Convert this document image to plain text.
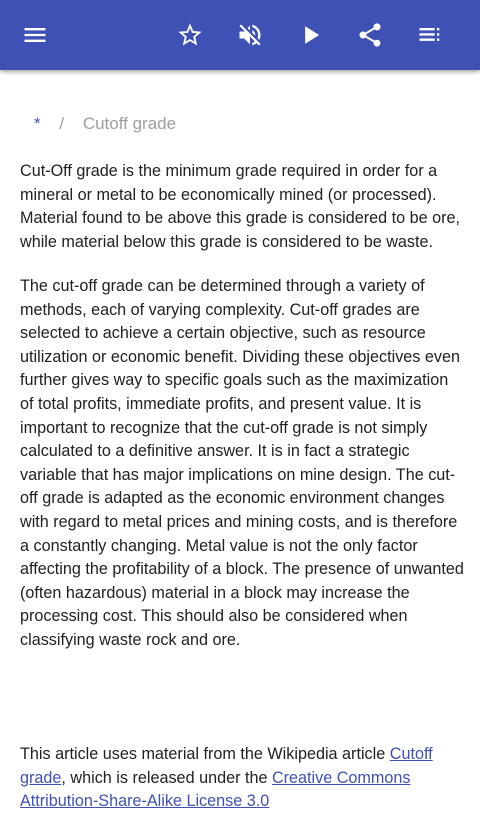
* / Cutoff grade

Cut-Off grade is the minimum grade required in order for a mineral or metal to be economically mined (or processed). Material found to be above this grade is considered to be ore, while material below this grade is considered to be waste.

The cut-off grade can be determined through a variety of methods, each of varying complexity. Cut-off grades are selected to achieve a certain objective, such as resource utilization or economic benefit. Dividing these objectives even further gives way to specific goals such as the maximization of total profits, immediate profits, and present value. It is important to recognize that the cut-off grade is not simply calculated to a definitive answer. It is in fact a strategic variable that has major implications on mine design. The cut-off grade is adapted as the economic environment changes with regard to metal prices and mining costs, and is therefore a constantly changing. Metal value is not the only factor affecting the profitability of a block. The presence of unwanted (often hazardous) material in a block may increase the processing cost. This should also be considered when classifying waste rock and ore.

This article uses material from the Wikipedia article Cutoff grade, which is released under the Creative Commons Attribution-Share-Alike License 3.0
